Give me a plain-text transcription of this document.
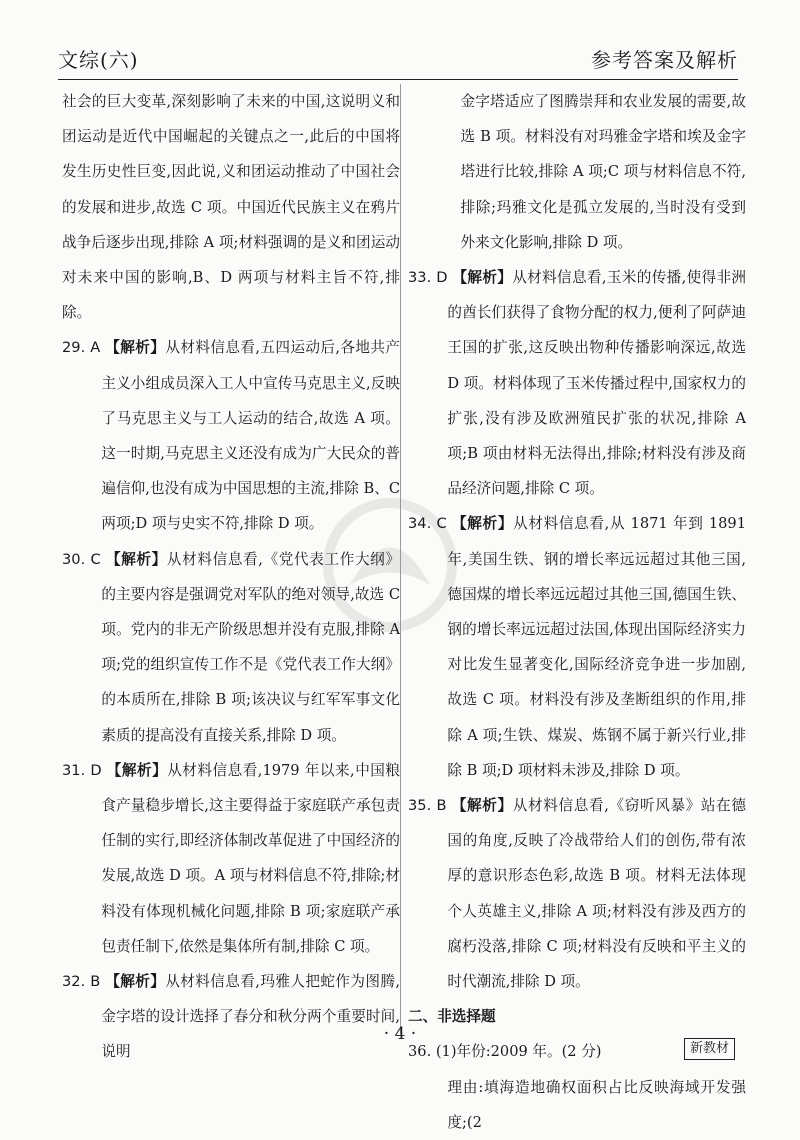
文综(六)	参考答案及解析

社会的巨大变革,深刻影响了未来的中国,这说明义和团运动是近代中国崛起的关键点之一,此后的中国将发生历史性巨变,因此说,义和团运动推动了中国社会的发展和进步,故选 C 项。中国近代民族主义在鸦片战争后逐步出现,排除 A 项;材料强调的是义和团运动对未来中国的影响,B、D 两项与材料主旨不符,排除。

29. A 【解析】从材料信息看,五四运动后,各地共产主义小组成员深入工人中宣传马克思主义,反映了马克思主义与工人运动的结合,故选 A 项。这一时期,马克思主义还没有成为广大民众的普遍信仰,也没有成为中国思想的主流,排除 B、C 两项;D 项与史实不符,排除 D 项。

30. C 【解析】从材料信息看,《党代表工作大纲》的主要内容是强调党对军队的绝对领导,故选 C 项。党内的非无产阶级思想并没有克服,排除 A 项;党的组织宣传工作不是《党代表工作大纲》的本质所在,排除 B 项;该决议与红军军事文化素质的提高没有直接关系,排除 D 项。

31. D 【解析】从材料信息看,1979 年以来,中国粮食产量稳步增长,这主要得益于家庭联产承包责任制的实行,即经济体制改革促进了中国经济的发展,故选 D 项。A 项与材料信息不符,排除;材料没有体现机械化问题,排除 B 项;家庭联产承包责任制下,依然是集体所有制,排除 C 项。

32. B 【解析】从材料信息看,玛雅人把蛇作为图腾,金字塔的设计选择了春分和秋分两个重要时间,说明

金字塔适应了图腾崇拜和农业发展的需要,故选 B 项。材料没有对玛雅金字塔和埃及金字塔进行比较,排除 A 项;C 项与材料信息不符,排除;玛雅文化是孤立发展的,当时没有受到外来文化影响,排除 D 项。

33. D 【解析】从材料信息看,玉米的传播,使得非洲的酋长们获得了食物分配的权力,便利了阿萨迪王国的扩张,这反映出物种传播影响深远,故选 D 项。材料体现了玉米传播过程中,国家权力的扩张,没有涉及欧洲殖民扩张的状况,排除 A 项;B 项由材料无法得出,排除;材料没有涉及商品经济问题,排除 C 项。

34. C 【解析】从材料信息看,从 1871 年到 1891 年,美国生铁、钢的增长率远远超过其他三国,德国煤的增长率远远超过其他三国,德国生铁、钢的增长率远远超过法国,体现出国际经济实力对比发生显著变化,国际经济竞争进一步加剧,故选 C 项。材料没有涉及垄断组织的作用,排除 A 项;生铁、煤炭、炼钢不属于新兴行业,排除 B 项;D 项材料未涉及,排除 D 项。

35. B 【解析】从材料信息看,《窃听风暴》站在德国的角度,反映了冷战带给人们的创伤,带有浓厚的意识形态色彩,故选 B 项。材料无法体现个人英雄主义,排除 A 项;材料没有涉及西方的腐朽没落,排除 C 项;材料没有反映和平主义的时代潮流,排除 D 项。

二、非选择题

36. (1)年份:2009 年。(2 分)

理由:填海造地确权面积占比反映海域开发强度;(2

· 4 ·
新教材
